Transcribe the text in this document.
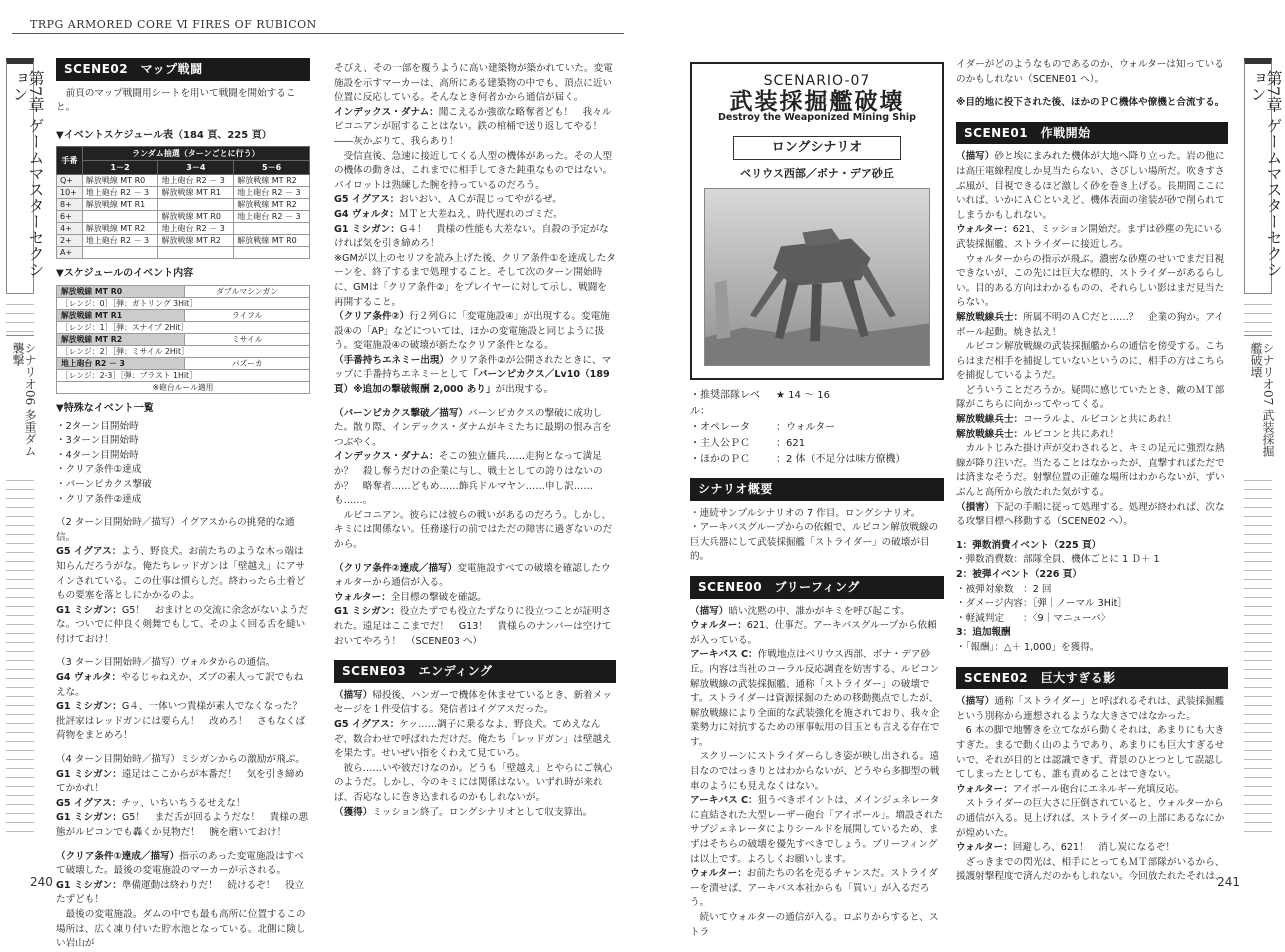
TRPG ARMORED CORE Ⅵ FIRES OF RUBICON
第7章 ゲームマスターセクション
シナリオ06 多重ダム襲撃
SCENE02　マップ戦闘

前頁のマップ戦闘用シートを用いて戦闘を開始すること。

▼イベントスケジュール表（184 頁、225 頁）
手番	ランダム抽選（ターンごとに行う）		
	1－2	3－4	5－6
Q+	解放戦線 MT R0	地上砲台 R2 － 3	解放戦線 MT R2
10+	地上砲台 R2 － 3	解放戦線 MT R1	地上砲台 R2 － 3
8+	解放戦線 MT R1		解放戦線 MT R2
6+		解放戦線 MT R0	地上砲台 R2 － 3
4+	解放戦線 MT R2	地上砲台 R2 － 3	
2+	地上砲台 R2 － 3	解放戦線 MT R2	解放戦線 MT R0
A+			
▼スケジュールのイベント内容
解放戦線 MT R0	ダブルマシンガン
［レンジ：0］［弾：ガトリング 3Hit］	
解放戦線 MT R1	ライフル
［レンジ：1］［弾：スナイプ 2Hit］	
解放戦線 MT R2	ミサイル
［レンジ：2］［弾：ミサイル 2Hit］	
地上砲台 R2 － 3	バズーカ
［レンジ：2-3］［弾：ブラスト 1Hit］	
※砲台ルール適用	
▼特殊なイベント一覧

・2ターン目開始時

・3ターン目開始時

・4ターン目開始時

・クリア条件①達成

・バーンピカクス撃破

・クリア条件②達成

（2 ターン目開始時／描写）イグアスからの挑発的な通信。

G5 イグアス：よう、野良犬。お前たちのような木っ端は知らんだろうがな。俺たちレッドガンは「壁越え」にアサインされている。この仕事は慣らしだ。終わったら土着どもの要塞を落としにかかるのよ。

G1 ミシガン：G5！　おまけとの交流に余念がないようだな。ついでに仲良く剣舞でもして、そのよく回る舌を縫い付けておけ！

（3 ターン目開始時／描写）ヴォルタからの通信。

G4 ヴォルタ：やるじゃねえか、ズブの素人って訳でもねえな。

G1 ミシガン：G４、一体いつ貴様が素人でなくなった？　批評家はレッドガンには要らん！　改めろ！　さもなくば荷物をまとめろ！

（4 ターン目開始時／描写）ミシガンからの激励が飛ぶ。

G1 ミシガン：遠足はここからが本番だ！　気を引き締めてかかれ！

G5 イグアス：チッ、いちいちうるせえな！

G1 ミシガン：G5！　まだ舌が回るようだな！　貴様の悪態がルビコンでも轟くか見物だ！　腕を磨いておけ！

（クリア条件①達成／描写）指示のあった変電施設はすべて破壊した。最後の変電施設のマーカーが示される。

G1 ミシガン：準備運動は終わりだ！　続けるぞ！　役立たずども！

最後の変電施設。ダムの中でも最も高所に位置するこの場所は、広く凍り付いた貯水池となっている。北側に険しい岩山が

そびえ、その一部を覆うように高い建築物が築かれていた。変電施設を示すマーカーは、高所にある建築物の中でも、頂点に近い位置に反応している。そんなとき何者かから通信が届く。

インデックス・ダナム：聞こえるか強欲な略奪者ども！　我々ルビコニアンが屈することはない。鉄の棺桶で送り返してやる！　――灰かぶりて、我らあり！

受信直後、急速に接近してくる人型の機体があった。その人型の機体の動きは、これまでに相手してきた鈍重なものではない。パイロットは熟練した腕を持っているのだろう。

G5 イグアス：おいおい、ＡＣが混じってやがるぜ。

G4 ヴォルタ：ＭＴと大差ねえ、時代遅れのゴミだ。

G1 ミシガン：G４！　貴様の性能も大差ない。自殺の予定がなければ気を引き締めろ！

※GMが以上のセリフを読み上げた後、クリア条件①を達成したターンを、終了するまで処理すること。そして次のターン開始時に、GMは「クリア条件②」をプレイヤーに対して示し、戦闘を再開すること。

（クリア条件②）行２列Ｇに「変電施設④」が出現する。変電施設④の「AP」などについては、ほかの変電施設と同じように扱う。変電施設④の破壊が新たなクリア条件となる。

（手番持ちエネミー出現）クリア条件②が公開されたときに、マップに手番持ちエネミーとして「バーンピカクス／Lv10（189 頁）※追加の撃破報酬 2,000 あり」が出現する。

（バーンピカクス撃破／描写）バーンピカクスの撃破に成功した。散り際、インデックス・ダナムがキミたちに最期の恨み言をつぶやく。

インデックス・ダナム：そこの独立傭兵……走狗となって満足か？　殺し奪うだけの企業に与し、戦士としての誇りはないのか？　略奪者……どもめ……飾兵ドルマヤン……申し訳……も……。

ルビコニアン。彼らには彼らの戦いがあるのだろう。しかし、キミには関係ない。任務遂行の前ではただの障害に過ぎないのだから。

（クリア条件②達成／描写）変電施設すべての破壊を確認したウォルターから通信が入る。

ウォルター：全目標の撃破を確認。

G1 ミシガン：役立たずでも役立たずなりに役立つことが証明された。遠足はここまでだ！　G13！　貴様らのナンバーは空けておいてやろう！　（SCENE03 へ）

SCENE03　エンディング

（描写）帰投後、ハンガーで機体を休ませているとき、新着メッセージを１件受信する。発信者はイグアスだった。

G5 イグアス：ケッ……調子に乗るなよ、野良犬。てめえなんぞ、数合わせで呼ばれただけだ。俺たち「レッドガン」は壁越えを果たす。せいぜい指をくわえて見ていろ。

彼ら……いや彼だけなのか。どうも「壁越え」とやらにご執心のようだ。しかし、今のキミには関係はない。いずれ時が来れば、否応なしに巻き込まれるのかもしれないが。

（獲得）ミッション終了。ロングシナリオとして収支算出。

240
第7章 ゲームマスターセクション
シナリオ07 武装採掘艦破壊
SCENARIO-07
武装採掘艦破壊
Destroy the Weaponized Mining Ship
ロングシナリオ
ベリウス西部／ボナ・デア砂丘
・推奨部隊レベル：
★ 14 ～ 16
・オペレータ	：ウォルター
・主人公ＰＣ	：621
・ほかのＰＣ	：2 体（不足分は味方僚機）
シナリオ概要

・連続サンプルシナリオの 7 作目。ロングシナリオ。

・アーキバスグループからの依頼で、ルビコン解放戦線の巨大兵器にして武装採掘艦「ストライダー」の破壊が目的。

SCENE00　ブリーフィング

（描写）暗い沈黙の中、誰かがキミを呼び起こす。

ウォルター：621、仕事だ。アーキバスグループから依頼が入っている。

アーキバス C：作戦地点はベリウス西部、ボナ・デア砂丘。内容は当社のコーラル反応調査を妨害する、ルビコン解放戦線の武装採掘艦、通称「ストライダー」の破壊です。ストライダーは資源採掘のための移動拠点でしたが、解放戦線により全面的な武装強化を施されており、我々企業勢力に対抗するための軍事転用の目玉とも言える存在です。

スクリーンにストライダーらしき姿が映し出される。遠目なのではっきりとはわからないが、どうやら多脚型の戦車のようにも見えなくはない。

アーキバス C：狙うべきポイントは、メインジェネレータに直結された大型レーザー砲台「アイボール」。増設されたサブジェネレータによりシールドを展開しているため、まずはそちらの破壊を優先すべきでしょう。ブリーフィングは以上です。よろしくお願いします。

ウォルター：お前たちの名を売るチャンスだ。ストライダーを潰せば、アーキバス本社からも「買い」が入るだろう。

続いてウォルターの通信が入る。ロぶりからすると、ストラ

イダーがどのようなものであるのか、ウォルターは知っているのかもしれない（SCENE01 へ）。

※目的地に投下された後、ほかのＰＣ機体や僚機と合流する。

SCENE01　作戦開始

（描写）砂と埃にまみれた機体が大地へ降り立った。岩の他には高圧電線程度しか見当たらない、さびしい場所だ。吹きすさぶ風が、目視できるほど激しく砂を巻き上げる。長期間ここにいれば、いかにＡＣといえど、機体表面の塗装が砂で削られてしまうかもしれない。

ウォルター：621、ミッション開始だ。まずは砂塵の先にいる武装採掘艦、ストライダーに接近しろ。

ウォルターからの指示が飛ぶ。濃密な砂塵のせいでまだ目視できないが、この先には巨大な標的、ストライダーがあるらしい。目的ある方向はわかるものの、それらしい影はまだ見当たらない。

解放戦線兵士：所属不明のＡＣだと……？　企業の狗か。アイボール起動。焼き払え！

ルビコン解放戦線の武装採掘艦からの通信を傍受する。こちらはまだ相手を捕捉していないというのに、相手の方はこちらを捕捉しているようだ。

どういうことだろうか。疑問に感じていたとき、敵のＭＴ部隊がこちらに向かってやってくる。

解放戦線兵士：コーラルよ、ルビコンと共にあれ！

解放戦線兵士：ルビコンと共にあれ！

カルトじみた掛け声が交わされると、キミの足元に強烈な熱線が降り注いだ。当たることはなかったが、直撃すればただでは済まなそうだ。射撃位置の正確な場所はわからないが、ずいぶんと高所から放たれた気がする。

（損害）下記の手順に従って処理する。処理が終われば、次なる攻撃目標へ移動する（SCENE02 へ）。

1：弾数消費イベント（225 頁）

・弾数消費数：部隊全員、機体ごとに 1 Ｄ＋ 1

2：被弾イベント（226 頁）

・被弾対象数　：2 回

・ダメージ内容：［弾｜ノーマル 3Hit］

・軽減判定　　：〈9｜マニューバ〉

3：追加報酬

・「報酬」：△＋ 1,000」を獲得。

SCENE02　巨大すぎる影

（描写）通称「ストライダー」と呼ばれるそれは、武装採掘艦という別称から連想されるような大きさではなかった。

6 本の脚で地響きを立てながら動くそれは、あまりにも大きすぎた。まるで動く山のようであり、あまりにも巨大すぎるせいで、それが目的とは認識できず、背景のひとつとして誤認してしまったとしても、誰も責めることはできない。

ウォルター：アイボール砲台にエネルギー充填反応。

ストライダーの巨大さに圧倒されていると、ウォルターからの通信が入る。見上げれば、ストライダーの上部にあるなにかが煌めいた。

ウォルター：回避しろ、621！　消し炭になるぞ！

ざっきまでの閃光は、相手にとってもＭＴ部隊がいるから、援護射撃程度で済んだのかもしれない。今回放たれたそれは、

241
